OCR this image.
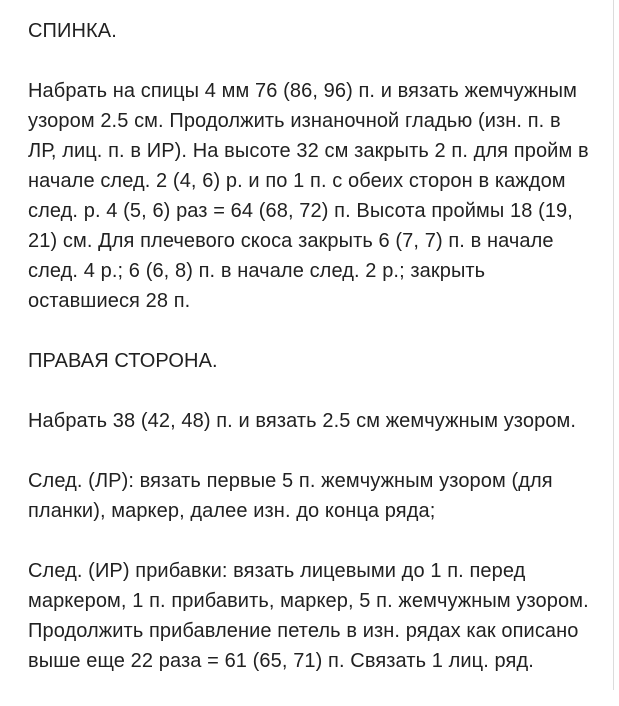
СПИНКА.
Набрать на спицы 4 мм 76 (86, 96) п. и вязать жемчужным
узором 2.5 см. Продолжить изнаночной гладью (изн. п. в
ЛР, лиц. п. в ИР). На высоте 32 см закрыть 2 п. для пройм в
начале след. 2 (4, 6) р. и по 1 п. с обеих сторон в каждом
след. р. 4 (5, 6) раз = 64 (68, 72) п. Высота проймы 18 (19,
21) см. Для плечевого скоса закрыть 6 (7, 7) п. в начале
след. 4 р.; 6 (6, 8) п. в начале след. 2 р.; закрыть
оставшиеся 28 п.
ПРАВАЯ СТОРОНА.
Набрать 38 (42, 48) п. и вязать 2.5 см жемчужным узором.
След. (ЛР): вязать первые 5 п. жемчужным узором (для
планки), маркер, далее изн. до конца ряда;
След. (ИР) прибавки: вязать лицевыми до 1 п. перед
маркером, 1 п. прибавить, маркер, 5 п. жемчужным узором.
Продолжить прибавление петель в изн. рядах как описано
выше еще 22 раза = 61 (65, 71) п. Связать 1 лиц. ряд.
